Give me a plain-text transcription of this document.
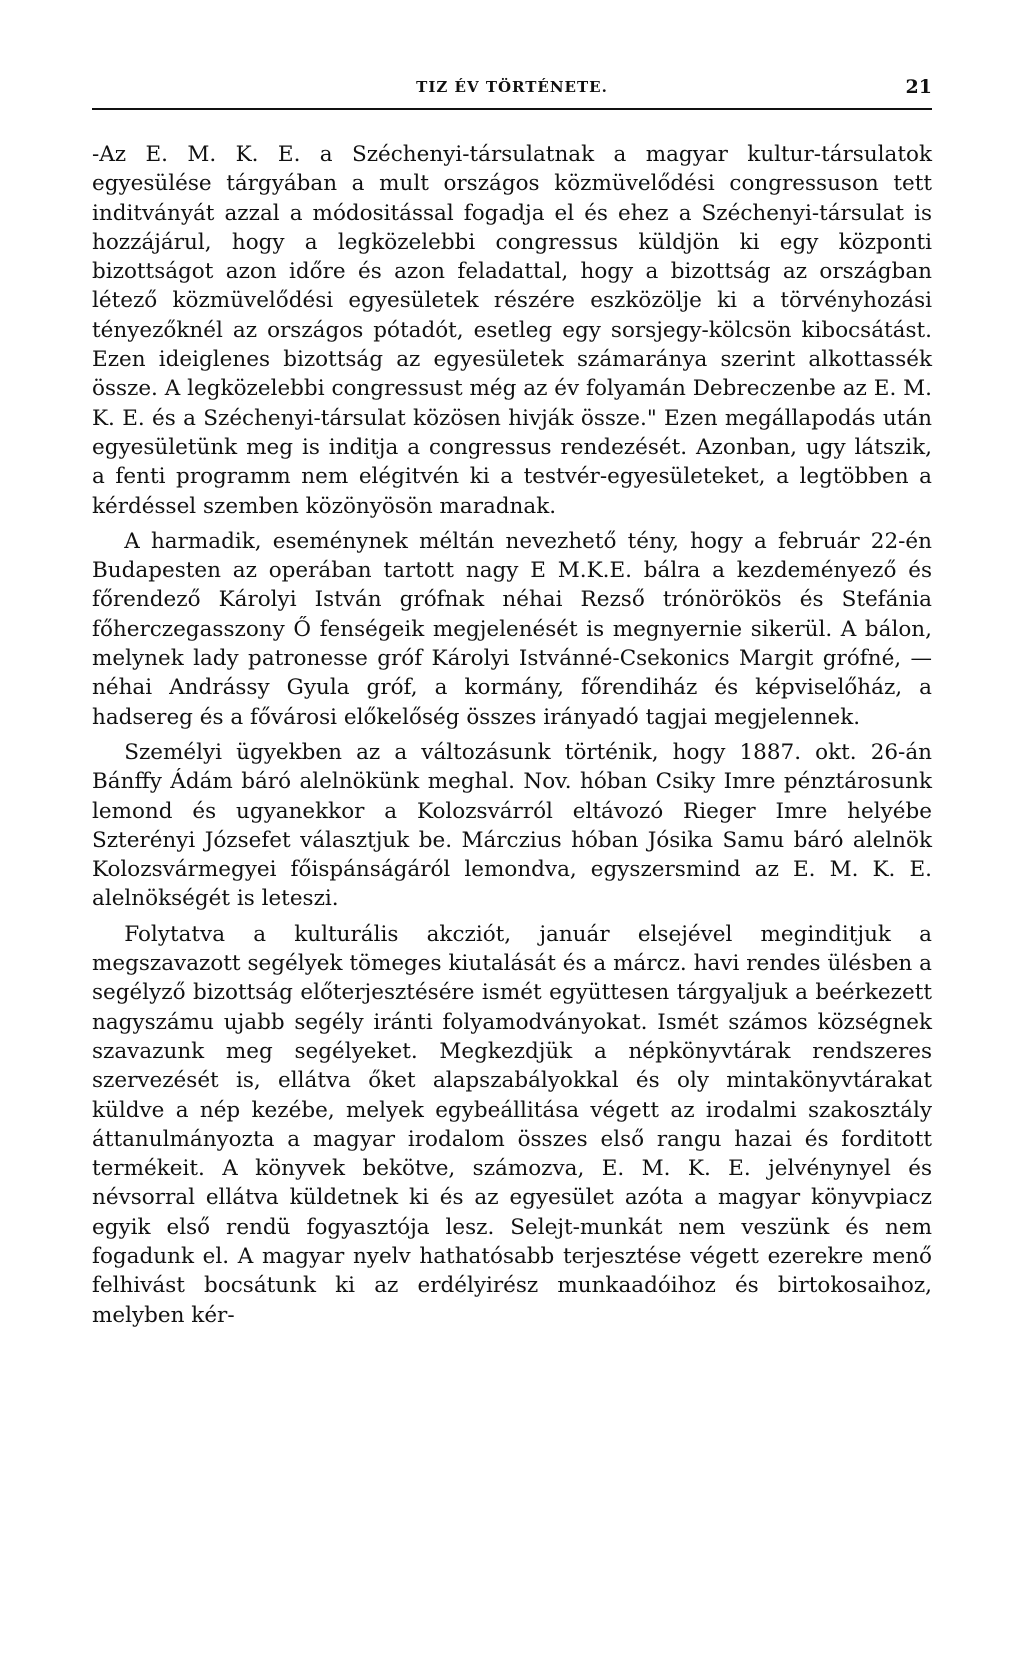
TIZ ÉV TÖRTÉNETE.	21

-Az E. M. K. E. a Széchenyi-társulatnak a magyar kultur-társulatok egyesülése tárgyában a mult országos közmüvelődési congressuson tett inditványát azzal a módositással fogadja el és ehez a Széchenyi-társulat is hozzájárul, hogy a legközelebbi congressus küldjön ki egy központi bizottságot azon időre és azon feladattal, hogy a bizottság az országban létező közmüvelődési egyesületek részére eszközölje ki a törvényhozási tényezőknél az országos pótadót, esetleg egy sorsjegy-kölcsön kibocsátást. Ezen ideiglenes bizottság az egyesületek számaránya szerint alkottassék össze. A legközelebbi congressust még az év folyamán Debreczenbe az E. M. K. E. és a Széchenyi-társulat közösen hivják össze." Ezen megállapodás után egyesületünk meg is inditja a congressus rendezését. Azonban, ugy látszik, a fenti programm nem elégitvén ki a testvér-egyesületeket, a legtöbben a kérdéssel szemben közönyösön maradnak.

A harmadik, eseménynek méltán nevezhető tény, hogy a február 22-én Budapesten az operában tartott nagy E M.K.E. bálra a kezdeményező és főrendező Károlyi István grófnak néhai Rezső trónörökös és Stefánia főherczegasszony Ő fenségeik megjelenését is megnyernie sikerül. A bálon, melynek lady patronesse gróf Károlyi Istvánné-Csekonics Margit grófné, — néhai Andrássy Gyula gróf, a kormány, főrendiház és képviselőház, a hadsereg és a fővárosi előkelőség összes irányadó tagjai megjelennek.

Személyi ügyekben az a változásunk történik, hogy 1887. okt. 26-án Bánffy Ádám báró alelnökünk meghal. Nov. hóban Csiky Imre pénztárosunk lemond és ugyanekkor a Kolozsvárról eltávozó Rieger Imre helyébe Szterényi Józsefet választjuk be. Márczius hóban Jósika Samu báró alelnök Kolozsvármegyei főispánságáról lemondva, egyszersmind az E. M. K. E. alelnökségét is leteszi.

Folytatva a kulturális akcziót, január elsejével meginditjuk a megszavazott segélyek tömeges kiutalását és a márcz. havi rendes ülésben a segélyző bizottság előterjesztésére ismét együttesen tárgyaljuk a beérkezett nagyszámu ujabb segély iránti folyamodványokat. Ismét számos községnek szavazunk meg segélyeket. Megkezdjük a népkönyvtárak rendszeres szervezését is, ellátva őket alapszabályokkal és oly mintakönyvtárakat küldve a nép kezébe, melyek egybeállitása végett az irodalmi szakosztály áttanulmányozta a magyar irodalom összes első rangu hazai és forditott termékeit. A könyvek bekötve, számozva, E. M. K. E. jelvénynyel és névsorral ellátva küldetnek ki és az egyesület azóta a magyar könyvpiacz egyik első rendü fogyasztója lesz. Selejt-munkát nem veszünk és nem fogadunk el. A magyar nyelv hathatósabb terjesztése végett ezerekre menő felhivást bocsátunk ki az erdélyirész munkaadóihoz és birtokosaihoz, melyben kér-
